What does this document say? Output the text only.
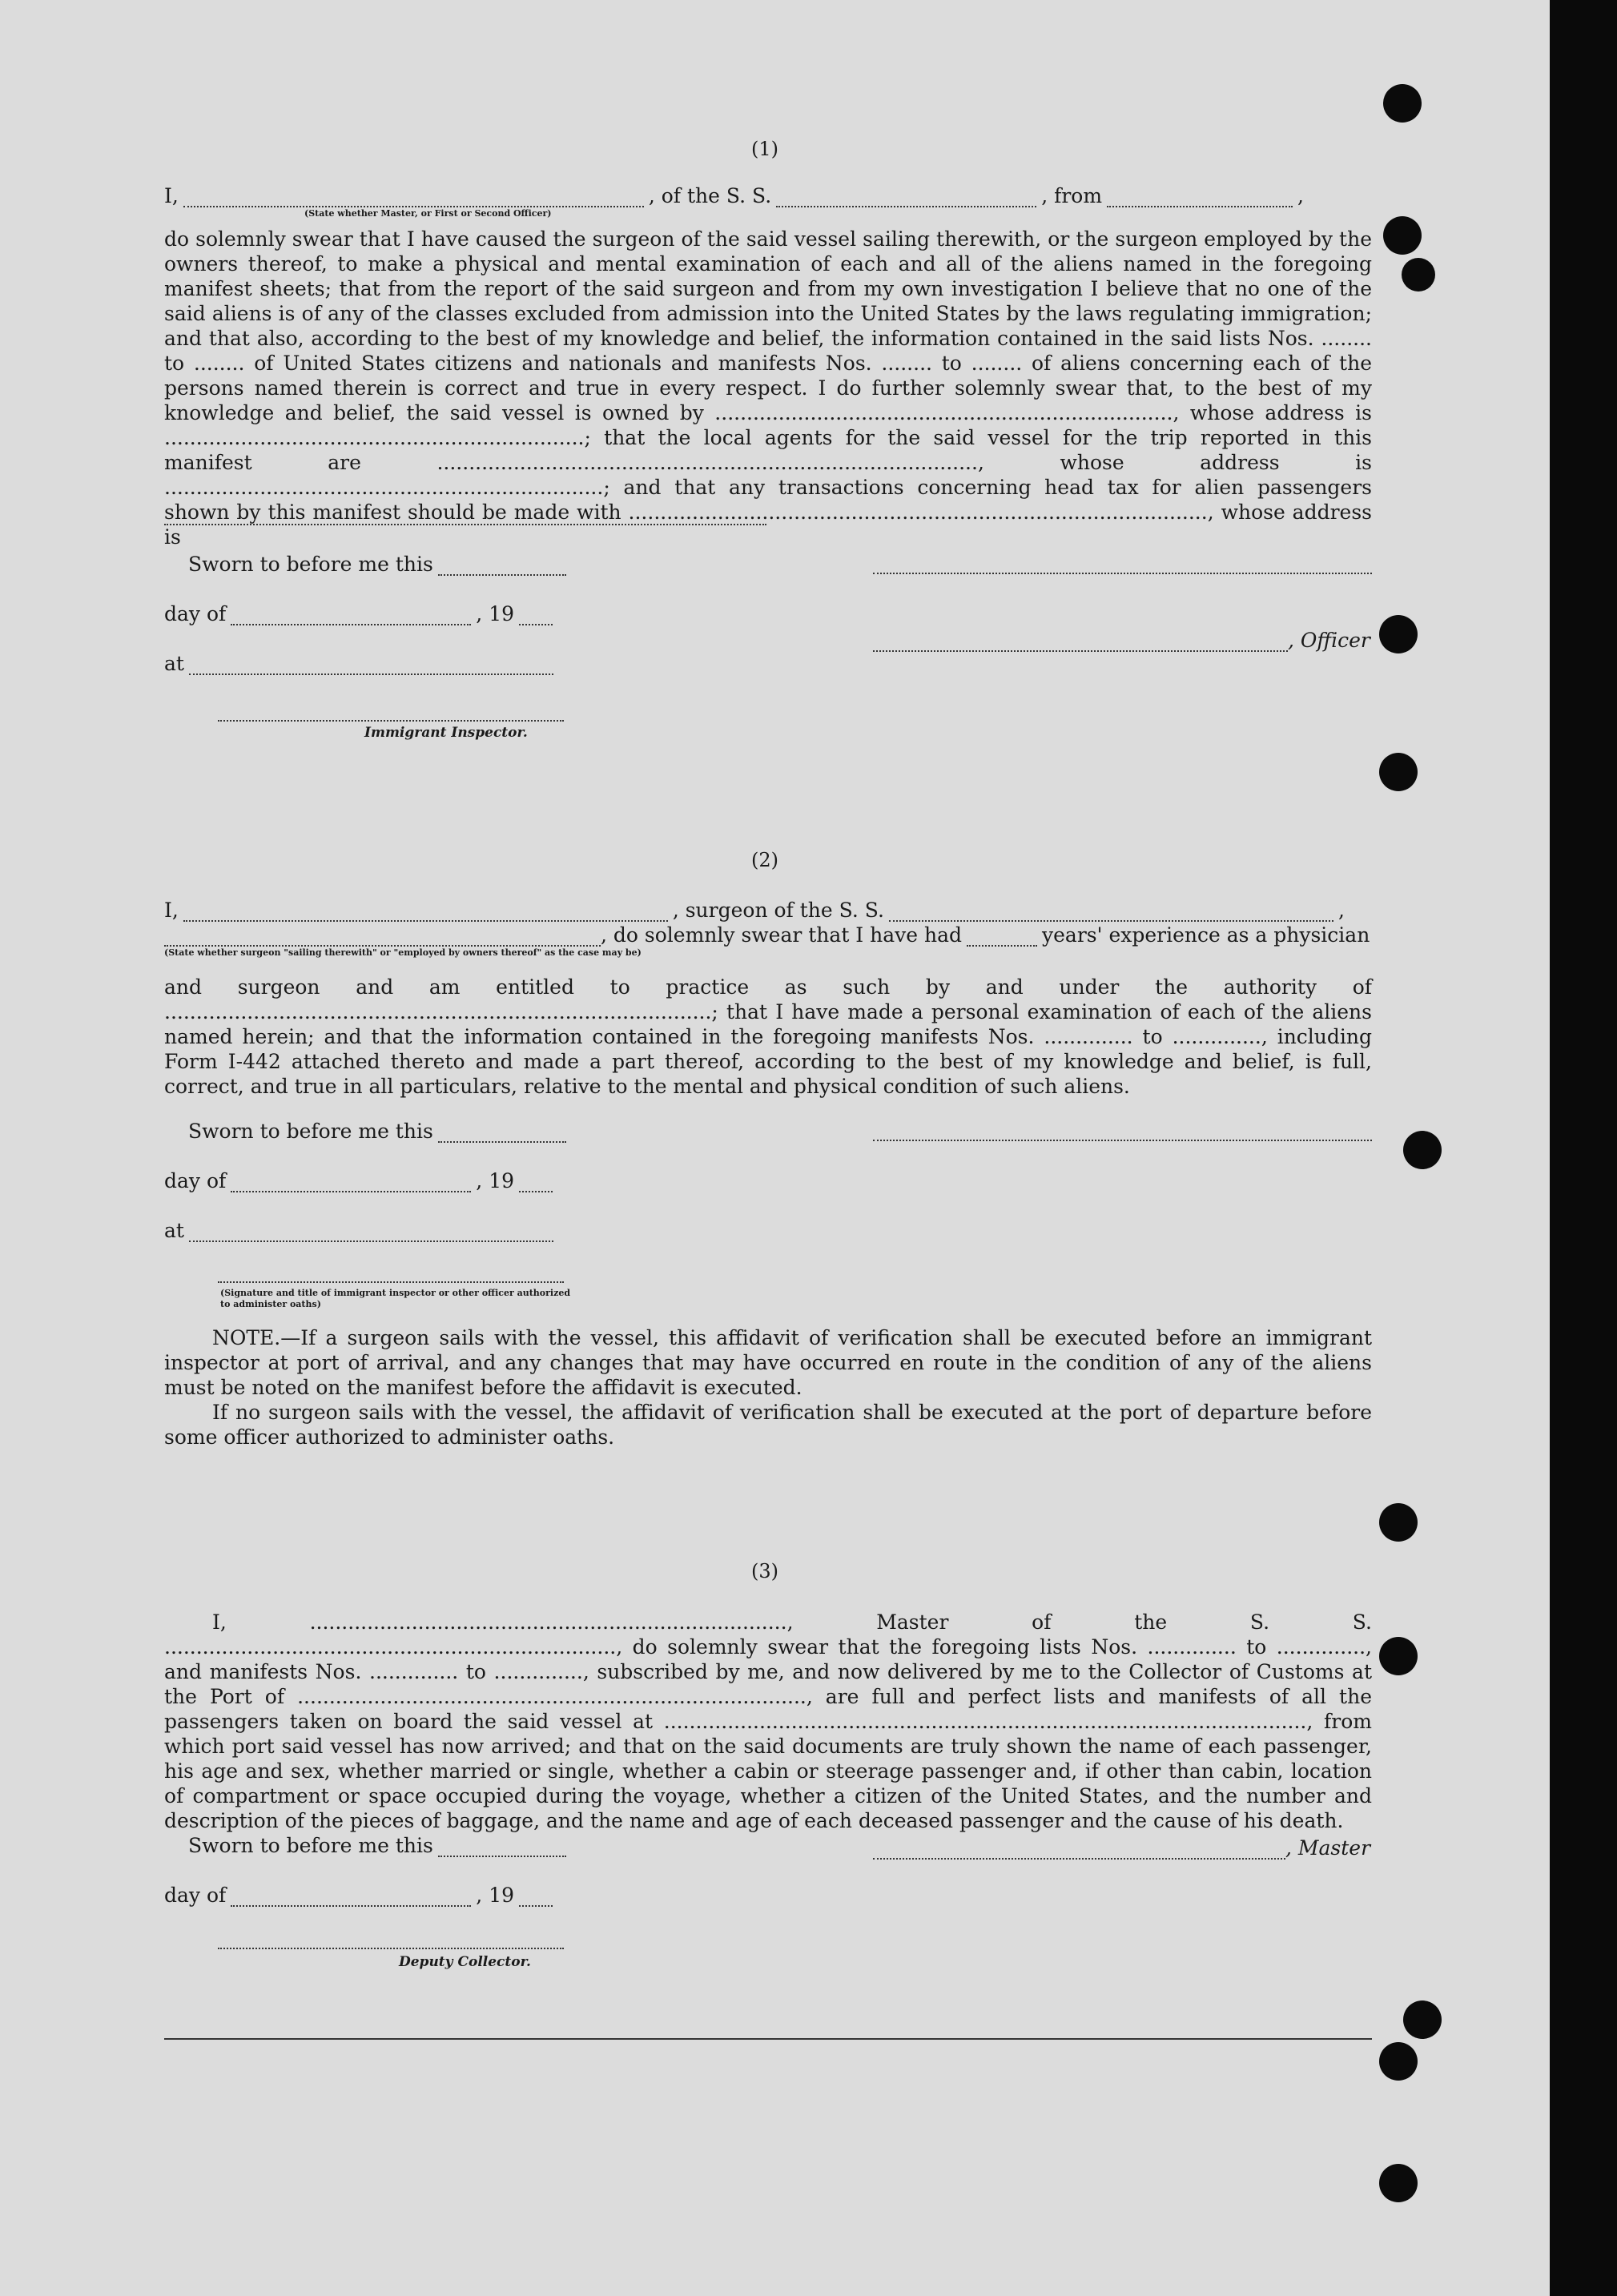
(1)
I,	, of the S. S.	, from	,
(State whether Master, or First or Second Officer)
do solemnly swear that I have caused the surgeon of the said vessel sailing therewith, or the surgeon employed by the owners thereof, to make a physical and mental examination of each and all of the aliens named in the foregoing manifest sheets; that from the report of the said surgeon and from my own investigation I believe that no one of the said aliens is of any of the classes excluded from admission into the United States by the laws regulating immigration; and that also, according to the best of my knowledge and belief, the information contained in the said lists Nos. ........ to ........ of United States citizens and nationals and manifests Nos. ........ to ........ of aliens concerning each of the persons named therein is correct and true in every respect. I do further solemnly swear that, to the best of my knowledge and belief, the said vessel is owned by ........................................................................, whose address is ..................................................................; that the local agents for the said vessel for the trip reported in this manifest are ....................................................................................., whose address is .....................................................................; and that any transactions concerning head tax for alien passengers shown by this manifest should be made with ..........................................................................................., whose address is
Sworn to before me this
day of	, 19
, Officer
at
Immigrant Inspector.
(2)
I,	, surgeon of the S. S.	,
, do solemnly swear that I have had	years' experience as a physician
(State whether surgeon "sailing therewith" or "employed by owners thereof" as the case may be)
and surgeon and am entitled to practice as such by and under the authority of ......................................................................................; that I have made a personal examination of each of the aliens named herein; and that the information contained in the foregoing manifests Nos. .............. to .............., including Form I-442 attached thereto and made a part thereof, according to the best of my knowledge and belief, is full, correct, and true in all particulars, relative to the mental and physical condition of such aliens.
Sworn to before me this
day of	, 19
at
(Signature and title of immigrant inspector or other officer authorized to administer oaths)
NOTE.—If a surgeon sails with the vessel, this affidavit of verification shall be executed before an immigrant inspector at port of arrival, and any changes that may have occurred en route in the condition of any of the aliens must be noted on the manifest before the affidavit is executed.
If no surgeon sails with the vessel, the affidavit of verification shall be executed at the port of departure before some officer authorized to administer oaths.
(3)
I, ..........................................................................., Master of the S. S. ......................................................................., do solemnly swear that the foregoing lists Nos. .............. to .............., and manifests Nos. .............. to .............., subscribed by me, and now delivered by me to the Collector of Customs at the Port of ................................................................................, are full and perfect lists and manifests of all the passengers taken on board the said vessel at ....................................................................................................., from which port said vessel has now arrived; and that on the said documents are truly shown the name of each passenger, his age and sex, whether married or single, whether a cabin or steerage passenger and, if other than cabin, location of compartment or space occupied during the voyage, whether a citizen of the United States, and the number and description of the pieces of baggage, and the name and age of each deceased passenger and the cause of his death.
Sworn to before me this	, Master
day of	, 19
Deputy Collector.
